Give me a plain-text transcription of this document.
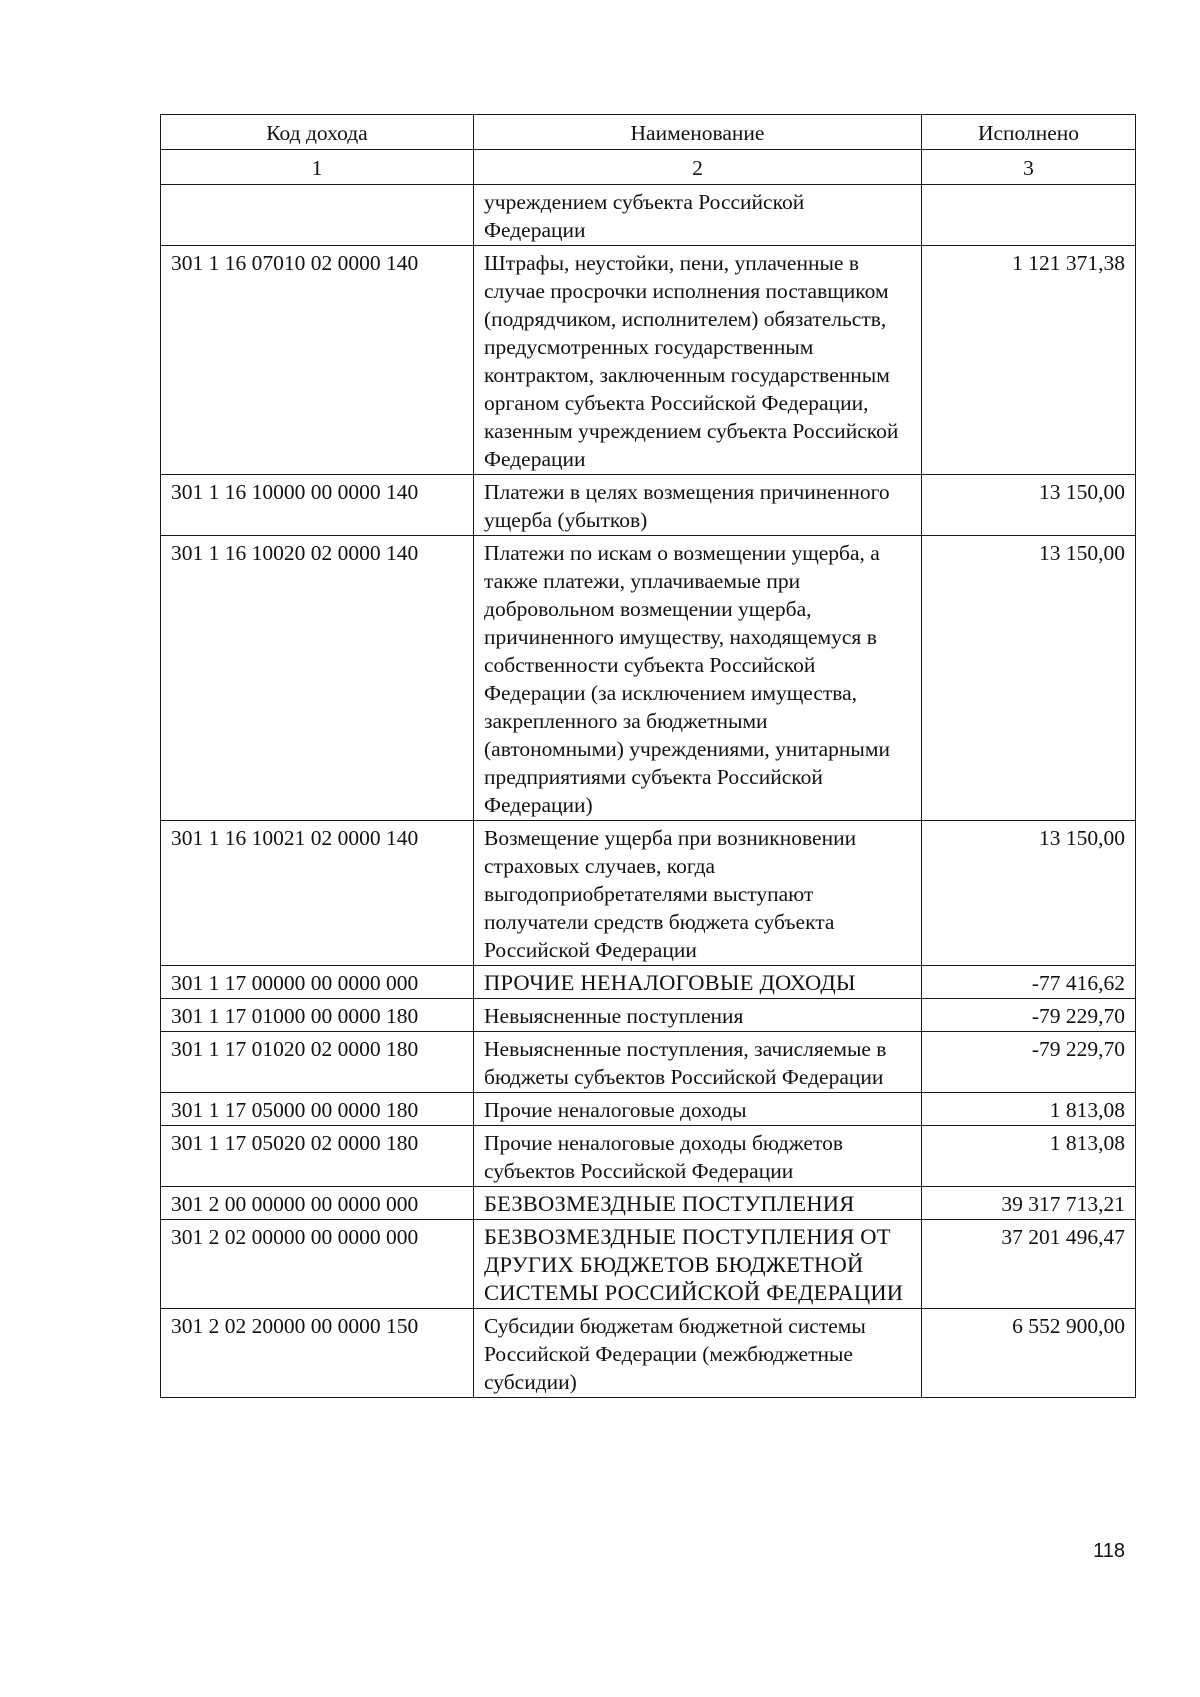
Код дохода	Наименование	Исполнено
1	2	3
	учреждением субъекта Российской Федерации	
301 1 16 07010 02 0000 140	Штрафы, неустойки, пени, уплаченные в случае просрочки исполнения поставщиком (подрядчиком, исполнителем) обязательств, предусмотренных государственным контрактом, заключенным государственным органом субъекта Российской Федерации, казенным учреждением субъекта Российской Федерации	1 121 371,38
301 1 16 10000 00 0000 140	Платежи в целях возмещения причиненного ущерба (убытков)	13 150,00
301 1 16 10020 02 0000 140	Платежи по искам о возмещении ущерба, а также платежи, уплачиваемые при добровольном возмещении ущерба, причиненного имуществу, находящемуся в собственности субъекта Российской Федерации (за исключением имущества, закрепленного за бюджетными (автономными) учреждениями, унитарными предприятиями субъекта Российской Федерации)	13 150,00
301 1 16 10021 02 0000 140	Возмещение ущерба при возникновении страховых случаев, когда выгодоприобретателями выступают получатели средств бюджета субъекта Российской Федерации	13 150,00
301 1 17 00000 00 0000 000	ПРОЧИЕ НЕНАЛОГОВЫЕ ДОХОДЫ	-77 416,62
301 1 17 01000 00 0000 180	Невыясненные поступления	-79 229,70
301 1 17 01020 02 0000 180	Невыясненные поступления, зачисляемые в бюджеты субъектов Российской Федерации	-79 229,70
301 1 17 05000 00 0000 180	Прочие неналоговые доходы	1 813,08
301 1 17 05020 02 0000 180	Прочие неналоговые доходы бюджетов субъектов Российской Федерации	1 813,08
301 2 00 00000 00 0000 000	БЕЗВОЗМЕЗДНЫЕ ПОСТУПЛЕНИЯ	39 317 713,21
301 2 02 00000 00 0000 000	БЕЗВОЗМЕЗДНЫЕ ПОСТУПЛЕНИЯ ОТ ДРУГИХ БЮДЖЕТОВ БЮДЖЕТНОЙ СИСТЕМЫ РОССИЙСКОЙ ФЕДЕРАЦИИ	37 201 496,47
301 2 02 20000 00 0000 150	Субсидии бюджетам бюджетной системы Российской Федерации (межбюджетные субсидии)	6 552 900,00
118
